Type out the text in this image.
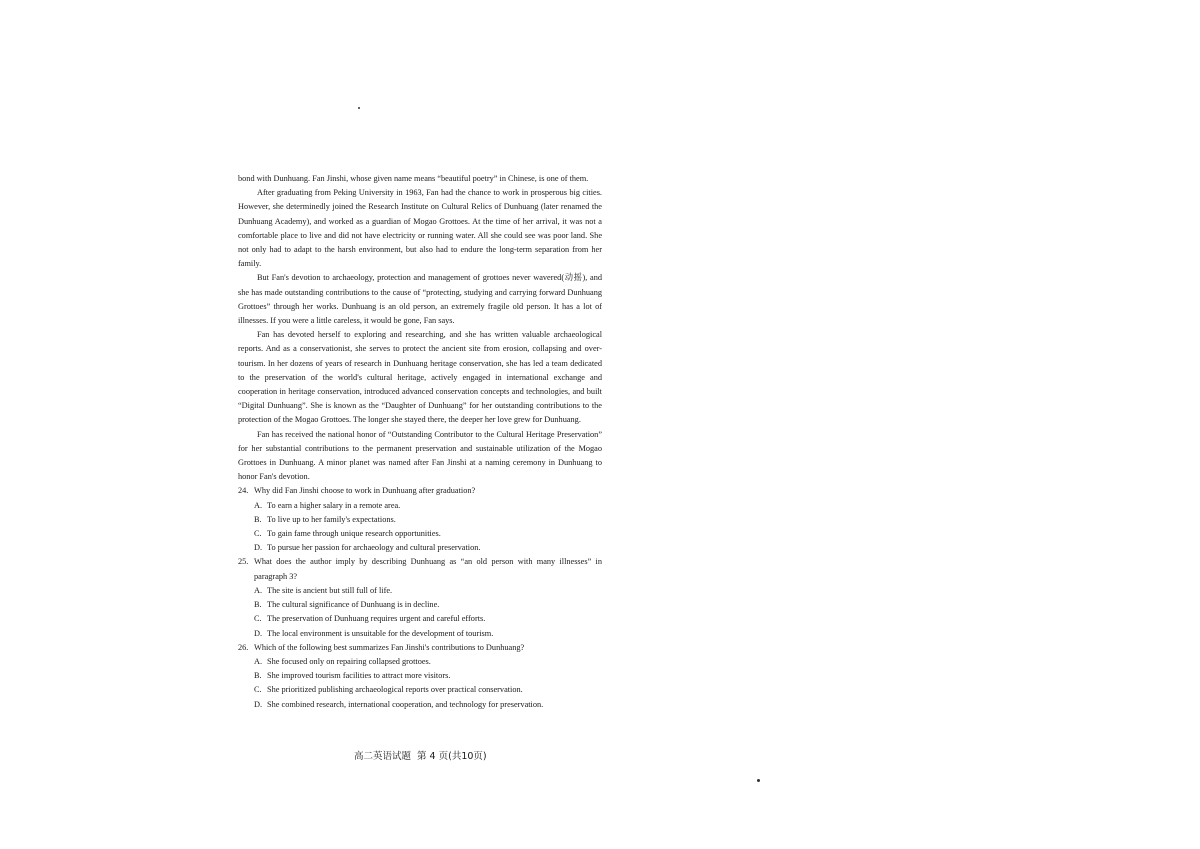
bond with Dunhuang. Fan Jinshi, whose given name means “beautiful poetry” in Chinese, is one of them.

After graduating from Peking University in 1963, Fan had the chance to work in prosperous big cities. However, she determinedly joined the Research Institute on Cultural Relics of Dunhuang (later renamed the Dunhuang Academy), and worked as a guardian of Mogao Grottoes. At the time of her arrival, it was not a comfortable place to live and did not have electricity or running water. All she could see was poor land. She not only had to adapt to the harsh environment, but also had to endure the long-term separation from her family.

But Fan's devotion to archaeology, protection and management of grottoes never wavered(动摇), and she has made outstanding contributions to the cause of “protecting, studying and carrying forward Dunhuang Grottoes” through her works. Dunhuang is an old person, an extremely fragile old person. It has a lot of illnesses. If you were a little careless, it would be gone, Fan says.

Fan has devoted herself to exploring and researching, and she has written valuable archaeological reports. And as a conservationist, she serves to protect the ancient site from erosion, collapsing and over-tourism. In her dozens of years of research in Dunhuang heritage conservation, she has led a team dedicated to the preservation of the world's cultural heritage, actively engaged in international exchange and cooperation in heritage conservation, introduced advanced conservation concepts and technologies, and built “Digital Dunhuang”. She is known as the “Daughter of Dunhuang” for her outstanding contributions to the protection of the Mogao Grottoes. The longer she stayed there, the deeper her love grew for Dunhuang.

Fan has received the national honor of “Outstanding Contributor to the Cultural Heritage Preservation” for her substantial contributions to the permanent preservation and sustainable utilization of the Mogao Grottoes in Dunhuang. A minor planet was named after Fan Jinshi at a naming ceremony in Dunhuang to honor Fan's devotion.

24. Why did Fan Jinshi choose to work in Dunhuang after graduation?
A. To earn a higher salary in a remote area.
B. To live up to her family's expectations.
C. To gain fame through unique research opportunities.
D. To pursue her passion for archaeology and cultural preservation.
25. What does the author imply by describing Dunhuang as “an old person with many illnesses” in paragraph 3?
A. The site is ancient but still full of life.
B. The cultural significance of Dunhuang is in decline.
C. The preservation of Dunhuang requires urgent and careful efforts.
D. The local environment is unsuitable for the development of tourism.
26. Which of the following best summarizes Fan Jinshi's contributions to Dunhuang?
A. She focused only on repairing collapsed grottoes.
B. She improved tourism facilities to attract more visitors.
C. She prioritized publishing archaeological reports over practical conservation.
D. She combined research, international cooperation, and technology for preservation.
高二英语试题  第 4 页(共10页)
